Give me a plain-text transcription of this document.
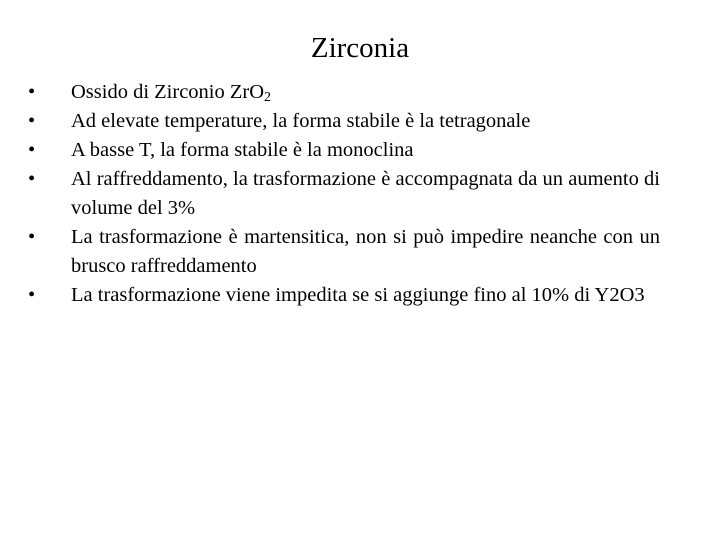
Zirconia
•
Ossido di Zirconio ZrO$_2$
•
Ad elevate temperature, la forma stabile è la tetragonale
•
A basse T, la forma stabile è la monoclina
•
Al raffreddamento, la trasformazione è accompagnata da un aumento di volume del 3%
•
La trasformazione è martensitica, non si può impedire neanche con un brusco raffreddamento
•
La trasformazione viene impedita se si aggiunge fino al 10% di Y2O3
